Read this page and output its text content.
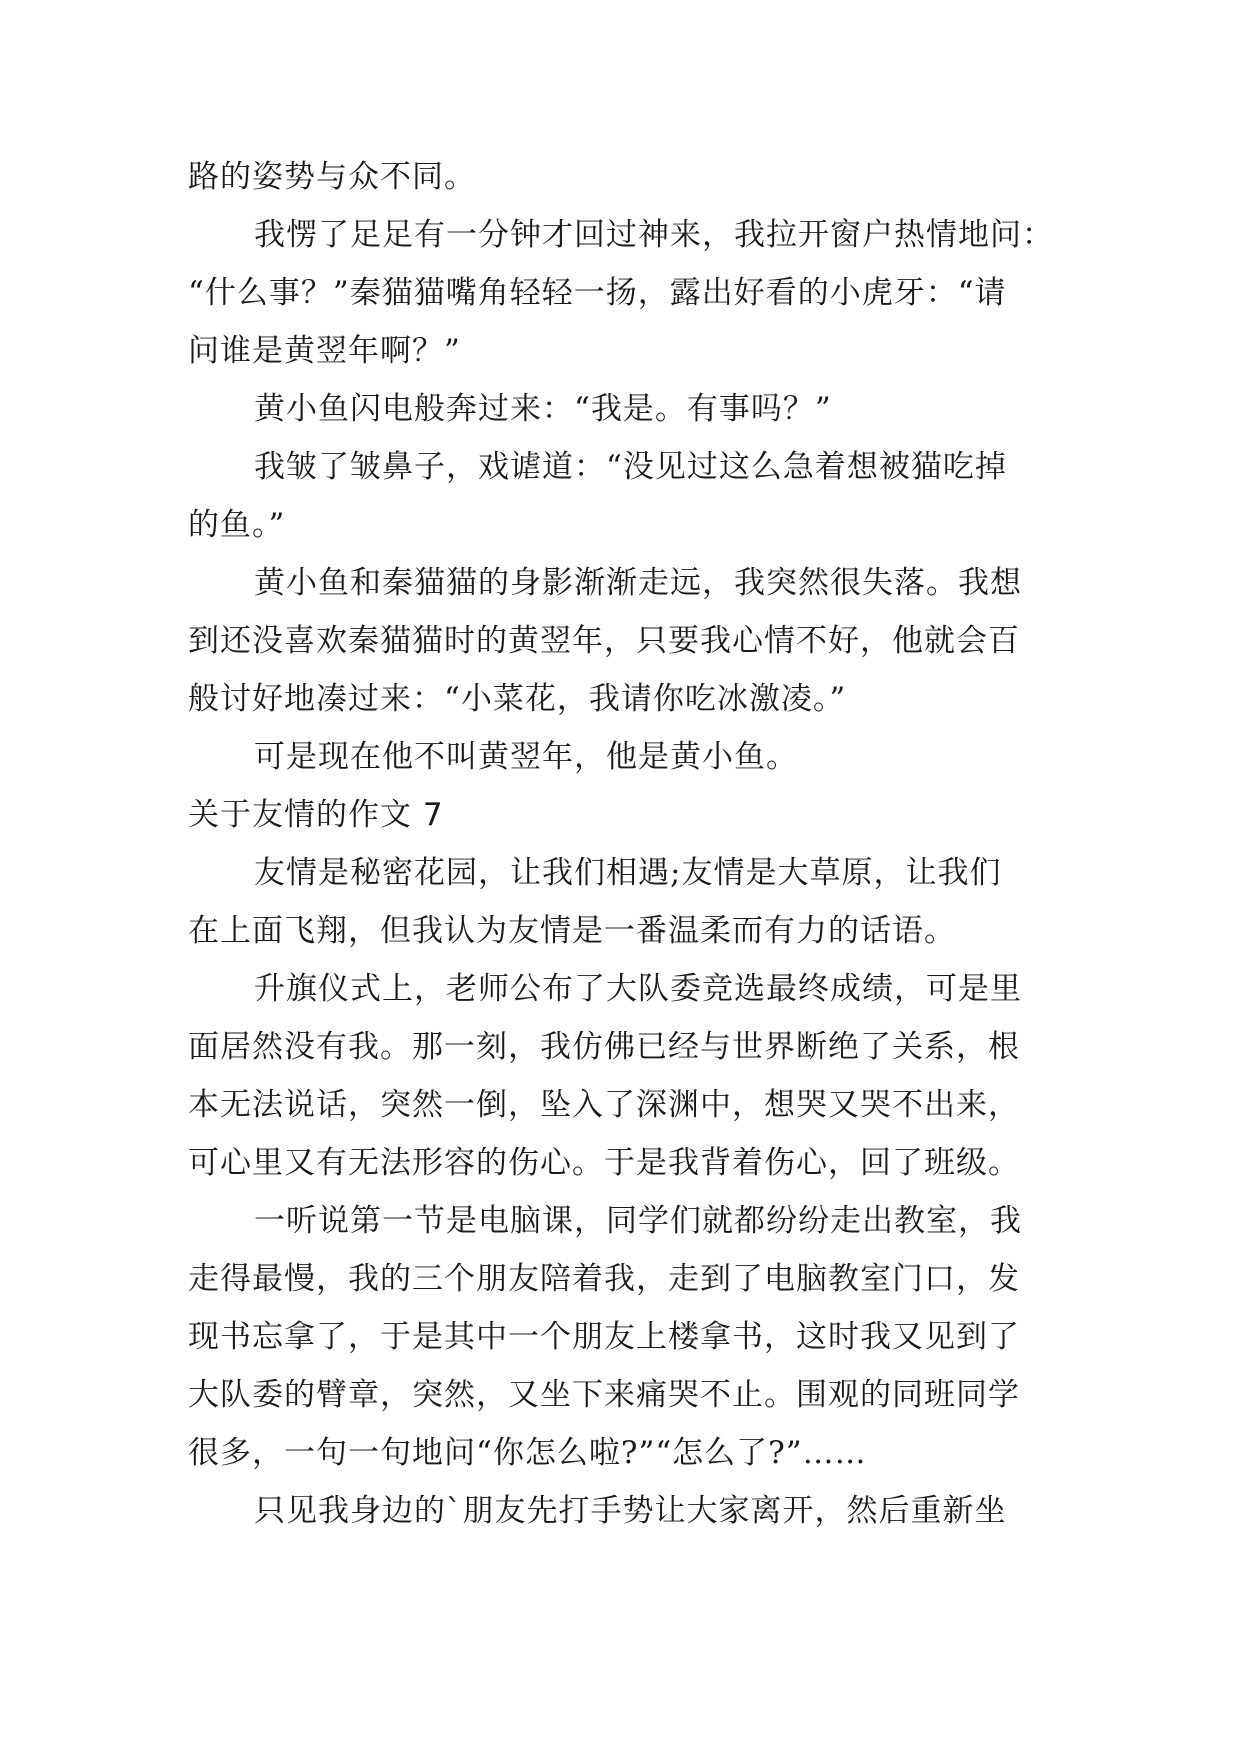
路的姿势与众不同。
我愣了足足有一分钟才回过神来，我拉开窗户热情地问：
“什么事？”秦猫猫嘴角轻轻一扬，露出好看的小虎牙：“请
问谁是黄翌年啊？”
黄小鱼闪电般奔过来：“我是。有事吗？”
我皱了皱鼻子，戏谑道：“没见过这么急着想被猫吃掉
的鱼。”
黄小鱼和秦猫猫的身影渐渐走远，我突然很失落。我想
到还没喜欢秦猫猫时的黄翌年，只要我心情不好，他就会百
般讨好地凑过来：“小菜花，我请你吃冰激凌。”
可是现在他不叫黄翌年，他是黄小鱼。
关于友情的作文 7
友情是秘密花园，让我们相遇;友情是大草原，让我们
在上面飞翔，但我认为友情是一番温柔而有力的话语。
升旗仪式上，老师公布了大队委竞选最终成绩，可是里
面居然没有我。那一刻，我仿佛已经与世界断绝了关系，根
本无法说话，突然一倒，坠入了深渊中，想哭又哭不出来，
可心里又有无法形容的伤心。于是我背着伤心，回了班级。
一听说第一节是电脑课，同学们就都纷纷走出教室，我
走得最慢，我的三个朋友陪着我，走到了电脑教室门口，发
现书忘拿了，于是其中一个朋友上楼拿书，这时我又见到了
大队委的臂章，突然，又坐下来痛哭不止。围观的同班同学
很多，一句一句地问“你怎么啦?”“怎么了?”……
只见我身边的`朋友先打手势让大家离开，然后重新坐
